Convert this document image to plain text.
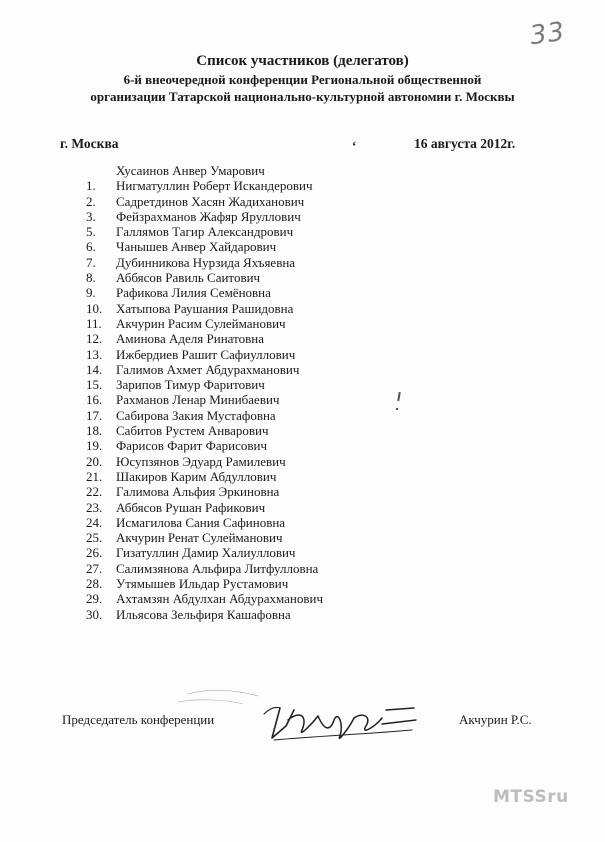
33
Список участников (делегатов)
6-й внеочередной конференции Региональной общественной
организации Татарской национально-культурной автономии г. Москвы
г. Москва	ʻ	16 августа 2012г.
Хусаинов Анвер Умарович
1. Нигматуллин Роберт Искандерович
2. Садретдинов Хасян Жадиханович
3. Фейзрахманов Жафяр Яруллович
5. Галлямов Тагир Александрович
6. Чанышев Анвер Хайдарович
7. Дубинникова Нурзида Яхъяевна
8. Аббясов Равиль Саитович
9. Рафикова Лилия Семёновна
10. Хатыпова Раушания Рашидовна
11. Акчурин Расим Сулейманович
12. Аминова Аделя Ринатовна
13. Ижбердиев Рашит Сафиуллович
14. Галимов Ахмет Абдурахманович
15. Зарипов Тимур Фаритович
16. Рахманов Ленар Минибаевич
17. Сабирова Закия Мустафовна
18. Сабитов Рустем Анварович
19. Фарисов Фарит Фарисович
20. Юсупзянов Эдуард Рамилевич
21. Шакиров Карим Абдуллович
22. Галимова Альфия Эркиновна
23. Аббясов Рушан Рафикович
24. Исмагилова Сания Сафиновна
25. Акчурин Ренат Сулейманович
26. Гизатуллин Дамир Халиуллович
27. Салимзянова Альфира Литфулловна
28. Утямышев Ильдар Рустамович
29. Ахтамзян Абдулхан Абдурахманович
30. Ильясова Зельфиря Кашафовна
Председатель конференции	Акчурин Р.С.
MTSSru
